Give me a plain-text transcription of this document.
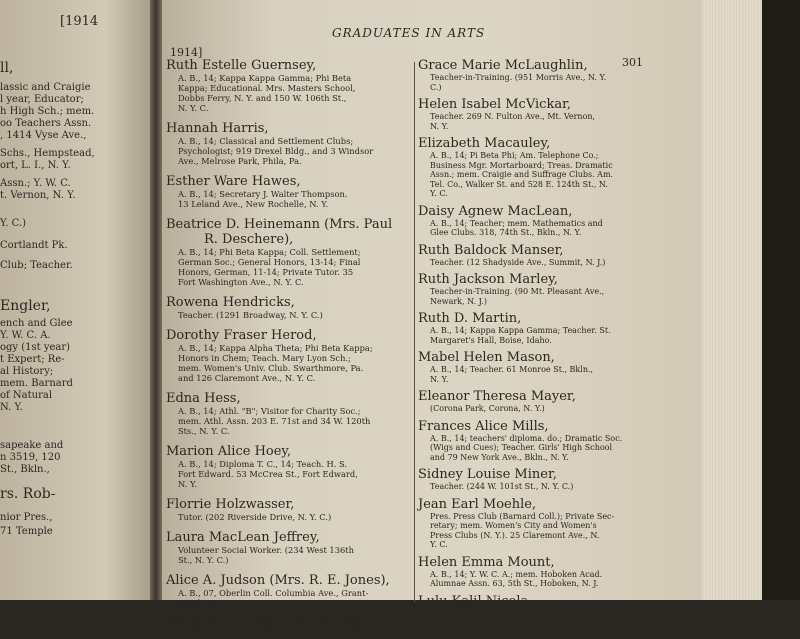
[1914
ll,
lassic and Craigie
l year, Educator;
h High Sch.; mem.
oo Teachers Assn.
, 1414 Vyse Ave.,
Schs., Hempstead,
ort, L. I., N. Y.
Assn.; Y. W. C.
t. Vernon, N. Y.
Y. C.)
Cortlandt Pk.
Club; Teacher.
Engler,
ench and Glee
Y. W. C. A.
ogy (1st year)
t Expert; Re-
al History;
mem. Barnard
of Natural
N. Y.
sapeake and
n 3519, 120
St., Bkln.,
rs. Rob-
nior Pres.,
71 Temple
GRADUATES IN ARTS
1914]
301
Ruth Estelle Guernsey,
A. B., 14; Kappa Kappa Gamma; Phi Beta
Kappa; Educational. Mrs. Masters School,
Dobbs Ferry, N. Y. and 150 W. 106th St.,
N. Y. C.
Hannah Harris,
A. B., 14; Classical and Settlement Clubs;
Psychologist; 919 Drexel Bldg., and 3 Windsor
Ave., Melrose Park, Phila, Pa.
Esther Ware Hawes,
A. B., 14; Secretary J. Walter Thompson.
13 Leland Ave., New Rochelle, N. Y.
Beatrice D. Heinemann (Mrs. Paul
R. Deschere),
A. B., 14; Phi Beta Kappa; Coll. Settlement;
German Soc.; General Honors, 13-14; Final
Honors, German, 11-14; Private Tutor. 35
Fort Washington Ave., N. Y. C.
Rowena Hendricks,
Teacher. (1291 Broadway, N. Y. C.)
Dorothy Fraser Herod,
A. B., 14; Kappa Alpha Theta; Phi Beta Kappa;
Honors in Chem; Teach. Mary Lyon Sch.;
mem. Women's Univ. Club. Swarthmore, Pa.
and 126 Claremont Ave., N. Y. C.
Edna Hess,
A. B., 14; Athl. "B"; Visitor for Charity Soc.;
mem. Athl. Assn. 203 E. 71st and 34 W. 120th
Sts., N. Y. C.
Marion Alice Hoey,
A. B., 14; Diploma T. C., 14; Teach. H. S.
Fort Edward. 53 McCrea St., Fort Edward,
N. Y.
Florrie Holzwasser,
Tutor. (202 Riverside Drive, N. Y. C.)
Laura MacLean Jeffrey,
Volunteer Social Worker. (234 West 136th
St., N. Y. C.)
Alice A. Judson (Mrs. R. E. Jones),
A. B., 07, Oberlin Coll. Columbia Ave., Grant-
wood, N. J.
Wilhelmina Theodora (Wilma)
Grace Marie McLaughlin,
Teacher-in-Training. (951 Morris Ave., N. Y.
C.)
Helen Isabel McVickar,
Teacher. 269 N. Fulton Ave., Mt. Vernon,
N. Y.
Elizabeth Macauley,
A. B., 14; Pi Beta Phi; Am. Telephone Co.;
Business Mgr. Mortarboard; Treas. Dramatic
Assn.; mem. Craigie and Suffrage Clubs. Am.
Tel. Co., Walker St. and 528 E. 124th St., N.
Y. C.
Daisy Agnew MacLean,
A. B., 14; Teacher; mem. Mathematics and
Glee Clubs. 318, 74th St., Bkln., N. Y.
Ruth Baldock Manser,
Teacher. (12 Shadyside Ave., Summit, N. J.)
Ruth Jackson Marley,
Teacher-in-Training. (90 Mt. Pleasant Ave.,
Newark, N. J.)
Ruth D. Martin,
A. B., 14; Kappa Kappa Gamma; Teacher. St.
Margaret's Hall, Boise, Idaho.
Mabel Helen Mason,
A. B., 14; Teacher. 61 Monroe St., Bkln.,
N. Y.
Eleanor Theresa Mayer,
(Corona Park, Corona, N. Y.)
Frances Alice Mills,
A. B., 14; teachers' diploma. do.; Dramatic Soc.
(Wigs and Cues); Teacher. Girls' High School
and 79 New York Ave., Bkln., N. Y.
Sidney Louise Miner,
Teacher. (244 W. 101st St., N. Y. C.)
Jean Earl Moehle,
Pres. Press Club (Barnard Coll.); Private Sec-
retary; mem. Women's City and Women's
Press Clubs (N. Y.). 25 Claremont Ave., N.
Y. C.
Helen Emma Mount,
A. B., 14; Y. W. C. A.; mem. Hoboken Acad.
Alumnae Assn. 63, 5th St., Hoboken, N. J.
Lulu Kalil Nicola,
